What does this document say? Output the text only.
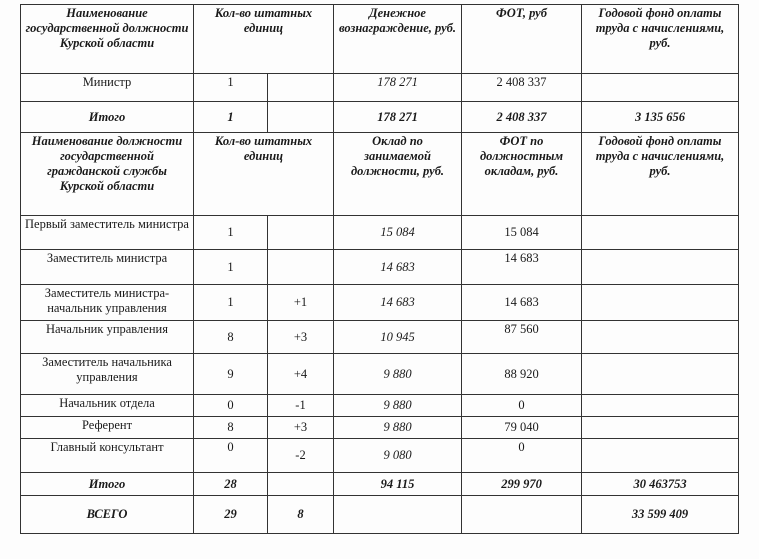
Наименование государственной должности Курской области	Кол-во штатных единиц		Денежное вознаграждение, руб.	ФОТ, руб	Годовой фонд оплаты труда с начислениями, руб.
Министр	1		178 271	2 408 337	
Итого	1		178 271	2 408 337	3 135 656
Наименование должности государственной гражданской службы Курской области	Кол-во штатных единиц		Оклад по занимаемой должности, руб.	ФОТ по должностным окладам, руб.	Годовой фонд оплаты труда с начислениями, руб.
Первый заместитель министра	1		15 084	15 084	
Заместитель министра	1		14 683	14 683	
Заместитель министра-начальник управления	1	+1	14 683	14 683	
Начальник управления	8	+3	10 945	87 560	
Заместитель начальника управления	9	+4	9 880	88 920	
Начальник отдела	0	-1	9 880	0	
Референт	8	+3	9 880	79 040	
Главный консультант	0	-2	9 080	0	
Итого	28		94 115	299 970	30 463753
ВСЕГО	29	8			33 599 409
